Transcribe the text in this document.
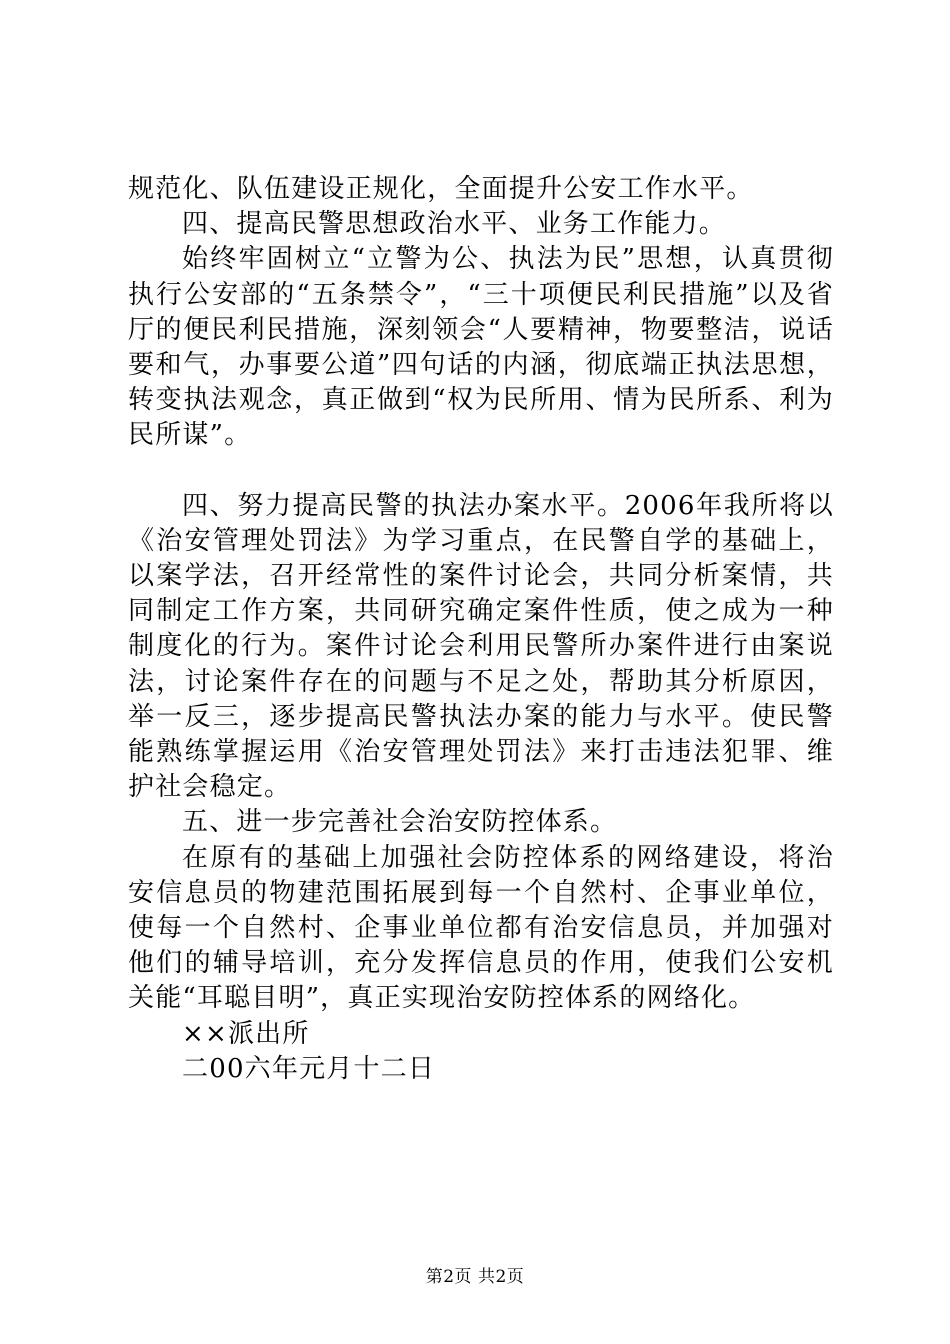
规范化、队伍建设正规化，全面提升公安工作水平。

四、提高民警思想政治水平、业务工作能力。

始终牢固树立“立警为公、执法为民”思想，认真贯彻执行公安部的“五条禁令”，“三十项便民利民措施”以及省厅的便民利民措施，深刻领会“人要精神，物要整洁，说话要和气，办事要公道”四句话的内涵，彻底端正执法思想，转变执法观念，真正做到“权为民所用、情为民所系、利为民所谋”。

四、努力提高民警的执法办案水平。2006年我所将以《治安管理处罚法》为学习重点，在民警自学的基础上，以案学法，召开经常性的案件讨论会，共同分析案情，共同制定工作方案，共同研究确定案件性质，使之成为一种制度化的行为。案件讨论会利用民警所办案件进行由案说法，讨论案件存在的问题与不足之处，帮助其分析原因，举一反三，逐步提高民警执法办案的能力与水平。使民警能熟练掌握运用《治安管理处罚法》来打击违法犯罪、维护社会稳定。

五、进一步完善社会治安防控体系。

在原有的基础上加强社会防控体系的网络建设，将治安信息员的物建范围拓展到每一个自然村、企事业单位，使每一个自然村、企事业单位都有治安信息员，并加强对他们的辅导培训，充分发挥信息员的作用，使我们公安机关能“耳聪目明”，真正实现治安防控体系的网络化。

××派出所

二00六年元月十二日

第2页 共2页
